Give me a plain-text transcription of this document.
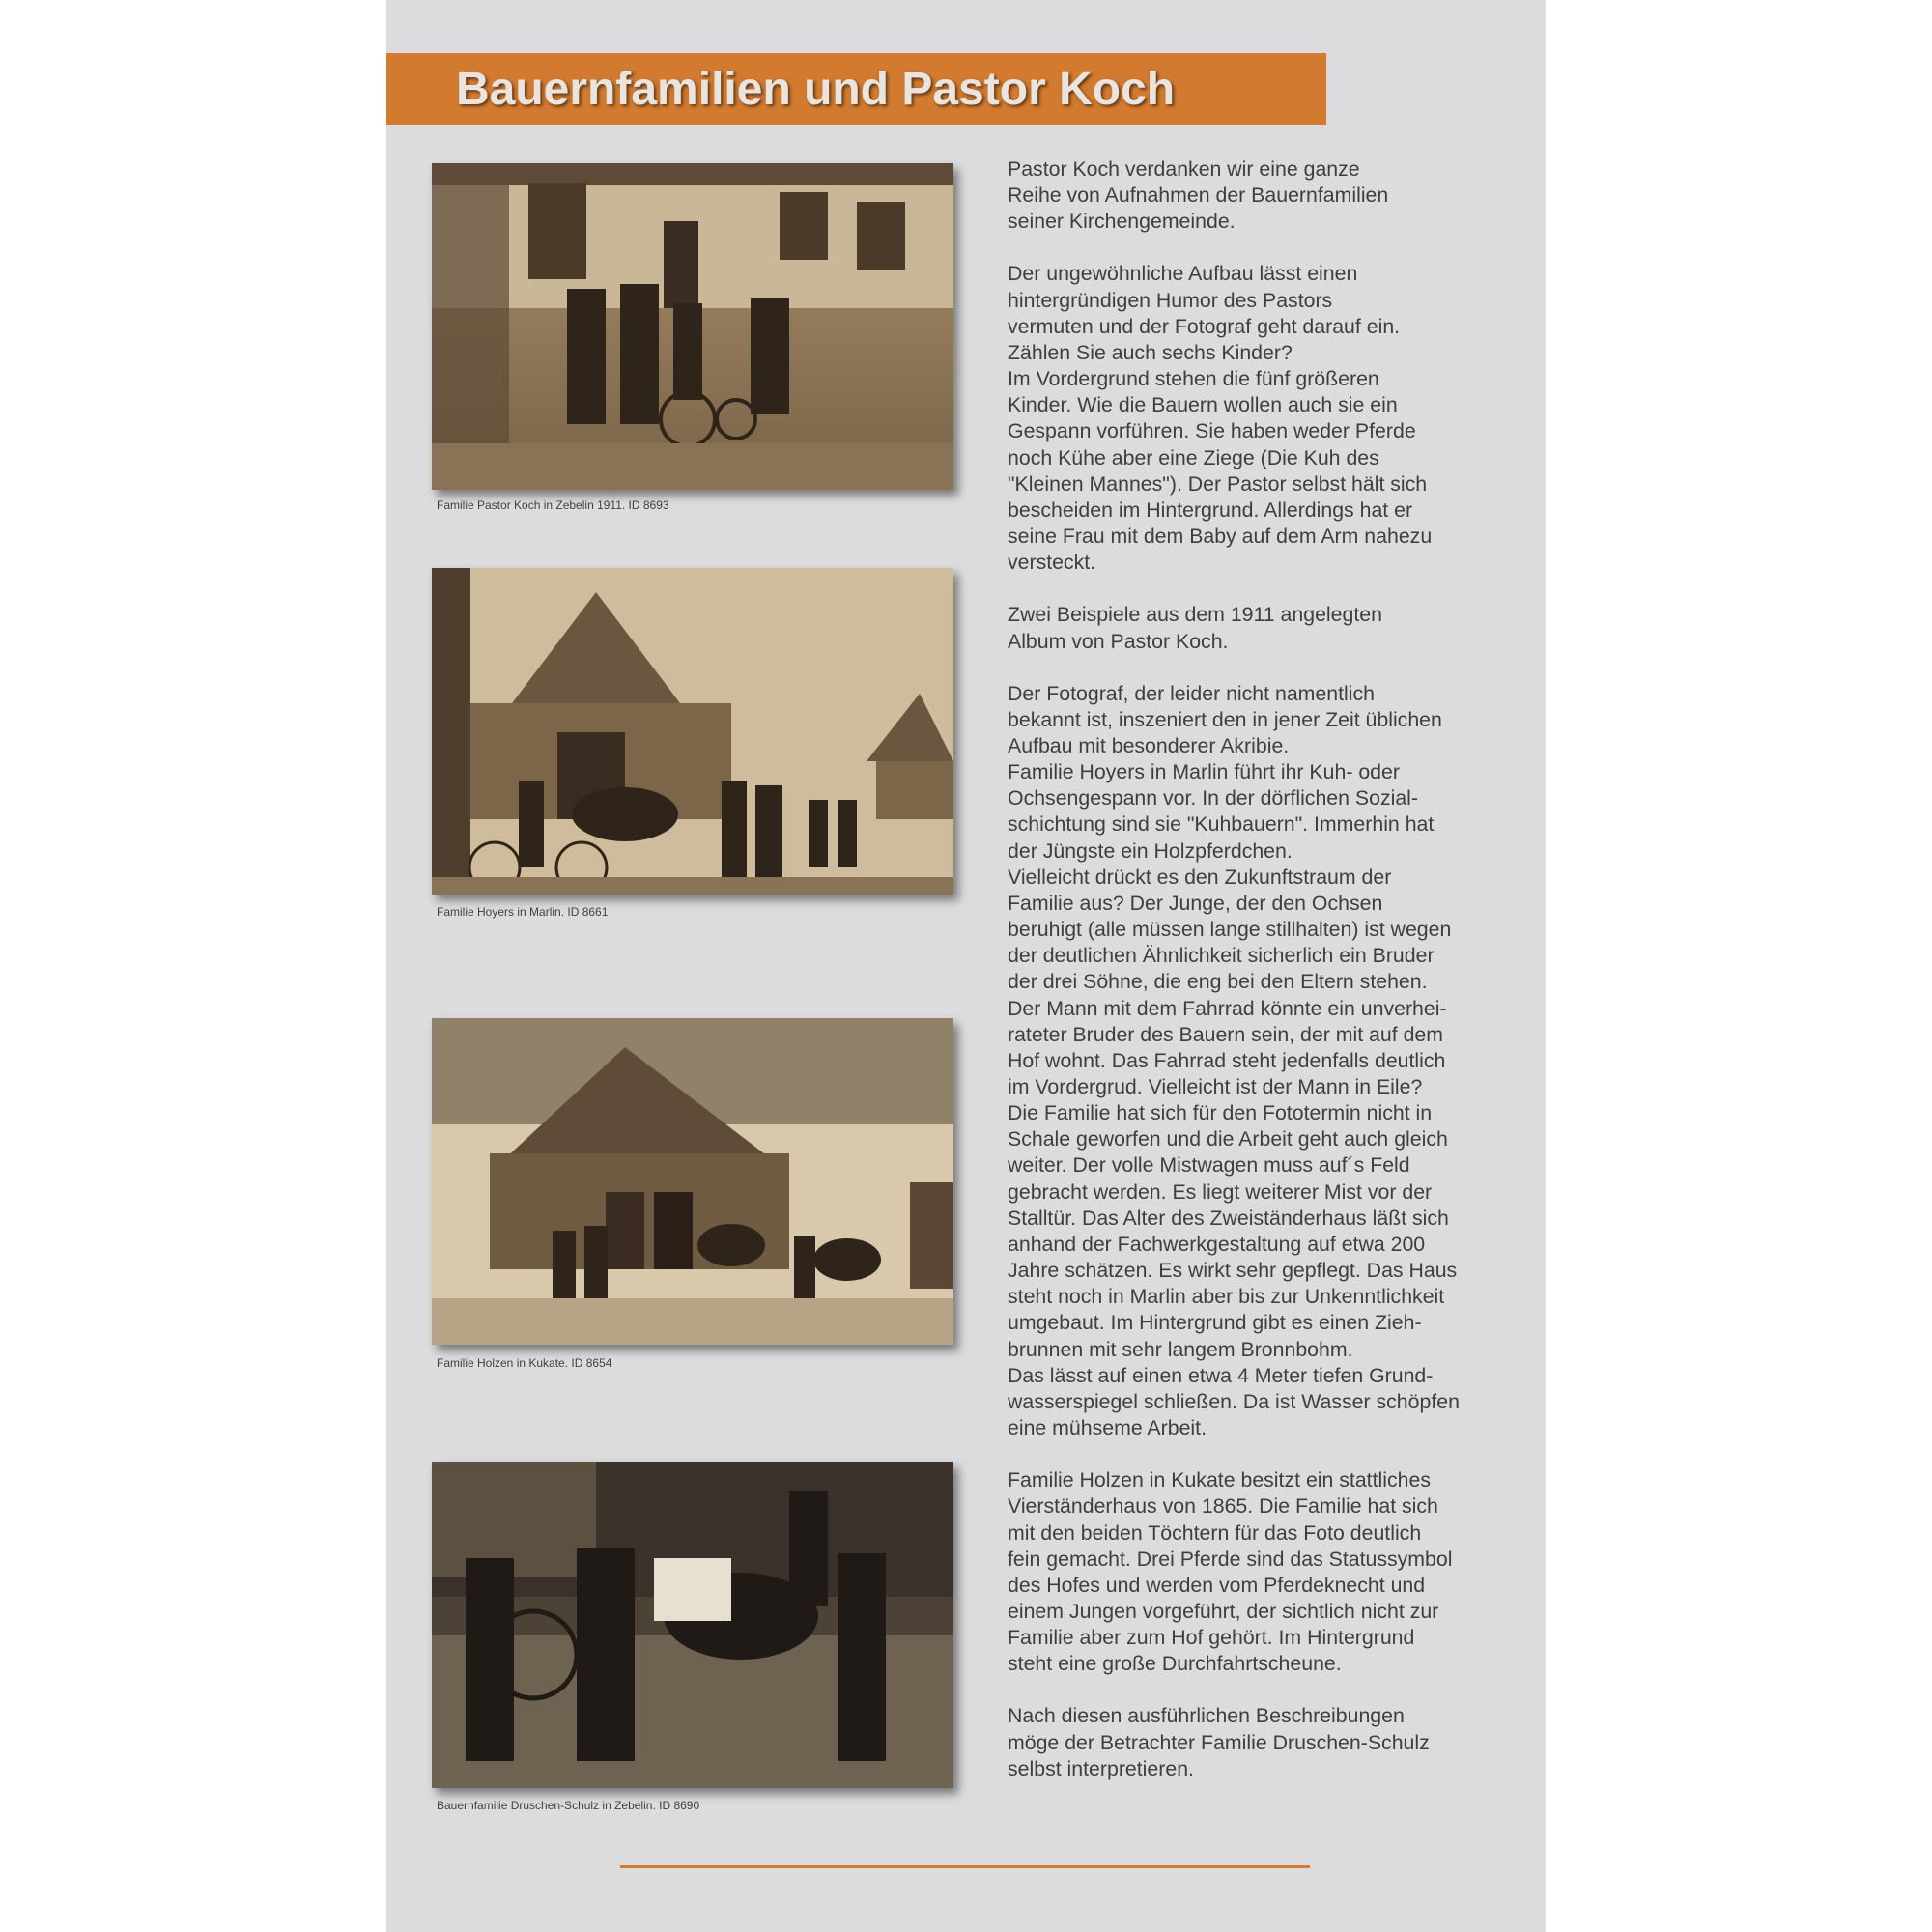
Bauernfamilien und Pastor Koch
Familie Pastor Koch in Zebelin 1911. ID 8693
Familie Hoyers in Marlin. ID 8661
Familie Holzen in Kukate. ID 8654
Bauernfamilie Druschen-Schulz in Zebelin. ID 8690

Pastor Koch verdanken wir eine ganze
Reihe von Aufnahmen der Bauernfamilien
seiner Kirchengemeinde.

Der ungewöhnliche Aufbau lässt einen
hintergründigen Humor des Pastors
vermuten und der Fotograf geht darauf ein.
Zählen Sie auch sechs Kinder?
Im Vordergrund stehen die fünf größeren
Kinder. Wie die Bauern wollen auch sie ein
Gespann vorführen. Sie haben weder Pferde
noch Kühe aber eine Ziege (Die Kuh des
"Kleinen Mannes"). Der Pastor selbst hält sich
bescheiden im Hintergrund. Allerdings hat er
seine Frau mit dem Baby auf dem Arm nahezu
versteckt.

Zwei Beispiele aus dem 1911 angelegten
Album von Pastor Koch.

Der Fotograf, der leider nicht namentlich
bekannt ist, inszeniert den in jener Zeit üblichen
Aufbau mit besonderer Akribie.
Familie Hoyers in Marlin führt ihr Kuh- oder
Ochsengespann vor. In der dörflichen Sozial-
schichtung sind sie "Kuhbauern". Immerhin hat
der Jüngste ein Holzpferdchen.
Vielleicht drückt es den Zukunftstraum der
Familie aus? Der Junge, der den Ochsen
beruhigt (alle müssen lange stillhalten) ist wegen
der deutlichen Ähnlichkeit sicherlich ein Bruder
der drei Söhne, die eng bei den Eltern stehen.
Der Mann mit dem Fahrrad könnte ein unverhei-
rateter Bruder des Bauern sein, der mit auf dem
Hof wohnt. Das Fahrrad steht jedenfalls deutlich
im Vordergrud. Vielleicht ist der Mann in Eile?
Die Familie hat sich für den Fototermin nicht in
Schale geworfen und die Arbeit geht auch gleich
weiter. Der volle Mistwagen muss auf´s Feld
gebracht werden. Es liegt weiterer Mist vor der
Stalltür. Das Alter des Zweiständerhaus läßt sich
anhand der Fachwerkgestaltung auf etwa 200
Jahre schätzen. Es wirkt sehr gepflegt. Das Haus
steht noch in Marlin aber bis zur Unkenntlichkeit
umgebaut. Im Hintergrund gibt es einen Zieh-
brunnen mit sehr langem Bronnbohm.
Das lässt auf einen etwa 4 Meter tiefen Grund-
wasserspiegel schließen. Da ist Wasser schöpfen
eine mühseme Arbeit.

Familie Holzen in Kukate besitzt ein stattliches
Vierständerhaus von 1865. Die Familie hat sich
mit den beiden Töchtern für das Foto deutlich
fein gemacht. Drei Pferde sind das Statussymbol
des Hofes und werden vom Pferdeknecht und
einem Jungen vorgeführt, der sichtlich nicht zur
Familie aber zum Hof gehört. Im Hintergrund
steht eine große Durchfahrtscheune.

Nach diesen ausführlichen Beschreibungen
möge der Betrachter Familie Druschen-Schulz
selbst interpretieren.
